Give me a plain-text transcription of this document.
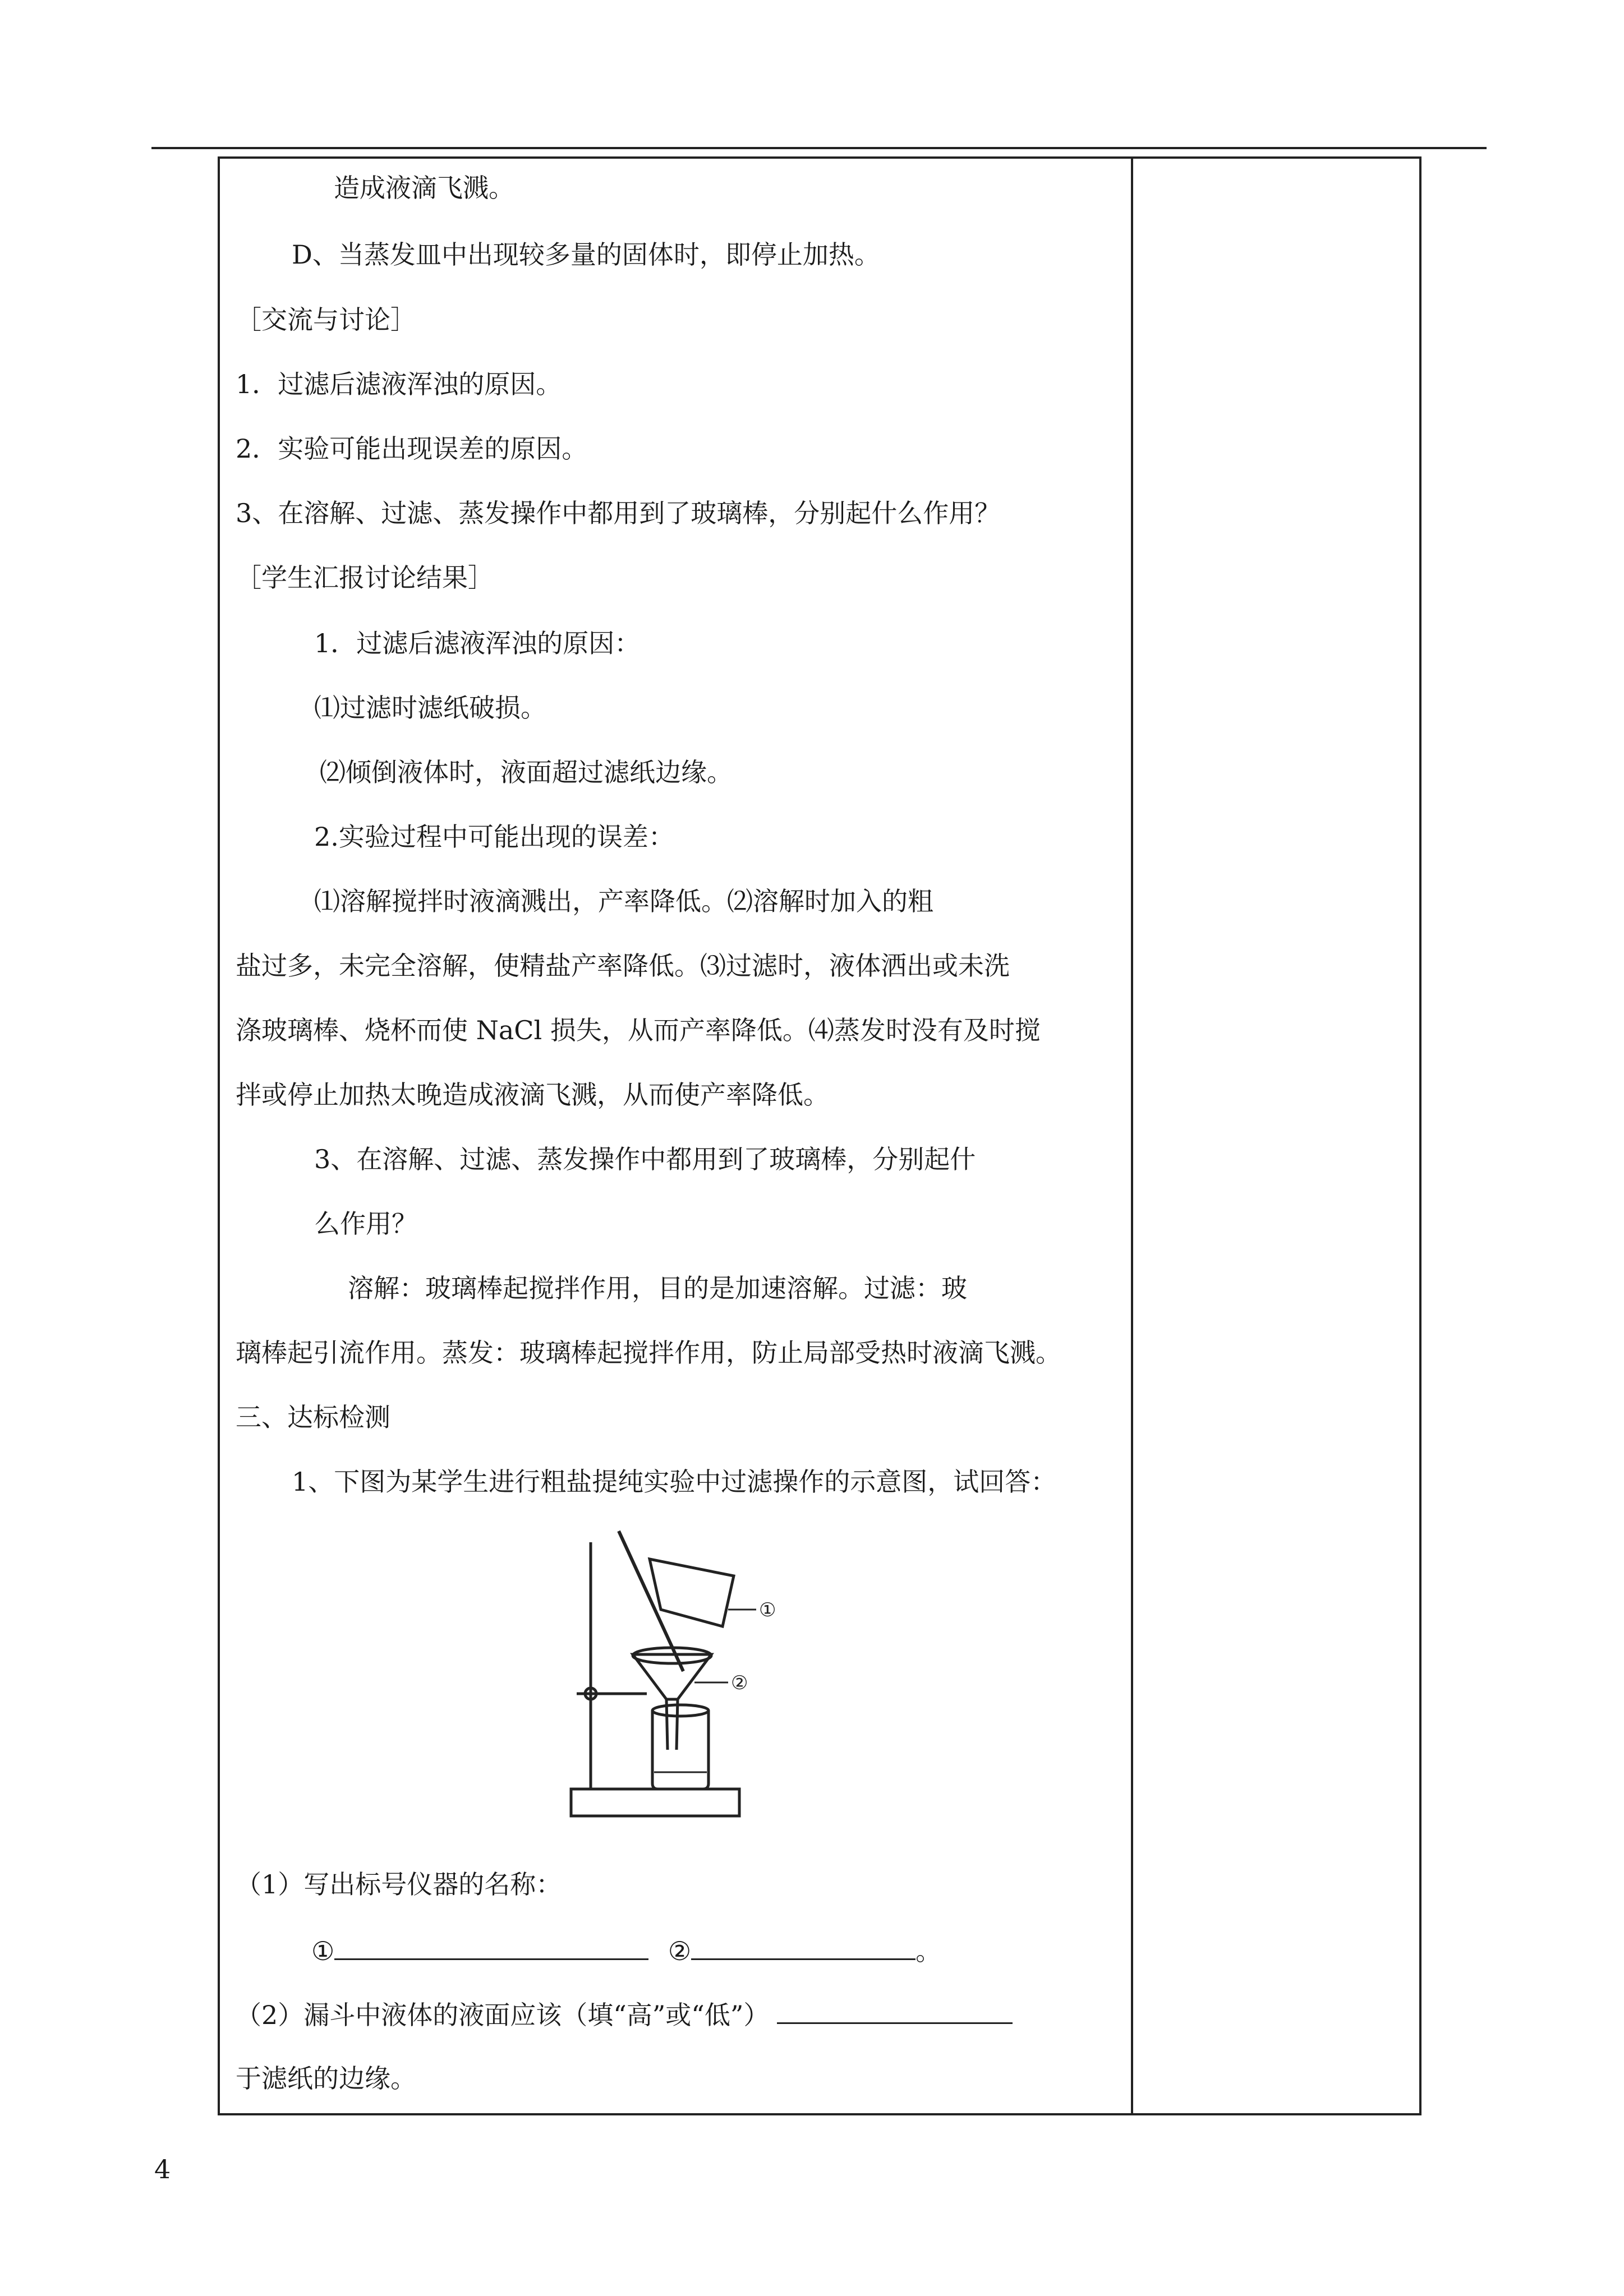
造成液滴飞溅。
D、当蒸发皿中出现较多量的固体时，即停止加热。
［交流与讨论］
1．过滤后滤液浑浊的原因。
2．实验可能出现误差的原因。
3、在溶解、过滤、蒸发操作中都用到了玻璃棒，分别起什么作用？
［学生汇报讨论结果］
1．过滤后滤液浑浊的原因：
⑴过滤时滤纸破损。
⑵倾倒液体时，液面超过滤纸边缘。
2.实验过程中可能出现的误差：
⑴溶解搅拌时液滴溅出，产率降低。⑵溶解时加入的粗
盐过多，未完全溶解，使精盐产率降低。⑶过滤时，液体洒出或未洗
涤玻璃棒、烧杯而使 NaCl 损失，从而产率降低。⑷蒸发时没有及时搅
拌或停止加热太晚造成液滴飞溅，从而使产率降低。
3、在溶解、过滤、蒸发操作中都用到了玻璃棒，分别起什
么作用？
溶解：玻璃棒起搅拌作用，目的是加速溶解。过滤：玻
璃棒起引流作用。蒸发：玻璃棒起搅拌作用，防止局部受热时液滴飞溅。
三、达标检测
1、下图为某学生进行粗盐提纯实验中过滤操作的示意图，试回答：
①
②
（1）写出标号仪器的名称：
①	②	。
（2）漏斗中液体的液面应该（填“高”或“低”）
于滤纸的边缘。
4
